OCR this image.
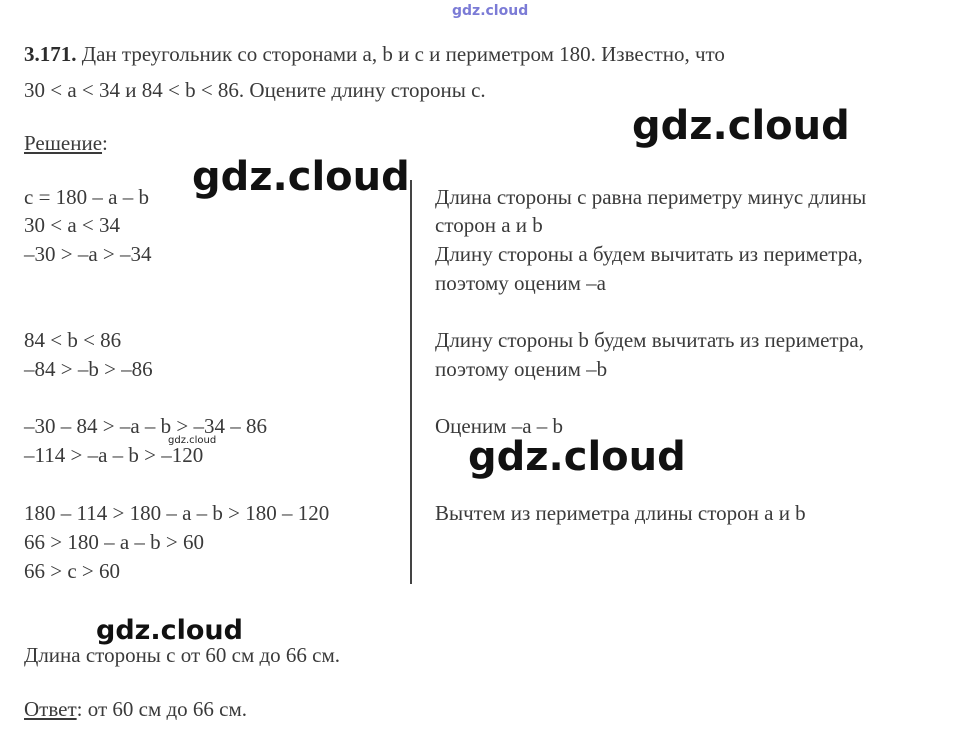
gdz.cloud
3.171. Дан треугольник со сторонами a, b и c и периметром 180. Известно, что
30 < a < 34 и 84 < b < 86. Оцените длину стороны c.
Решение:
c = 180 – a – b
30 < a < 34
–30 > –a > –34
84 < b < 86
–84 > –b > –86
–30 – 84 > –a – b > –34 – 86
–114 > –a – b > –120
180 – 114 > 180 – a – b > 180 – 120
66 > 180 – a – b > 60
66 > c > 60
Длина стороны с равна периметру минус длины
сторон a и b
Длину стороны а будем вычитать из периметра,
поэтому оценим –a
Длину стороны b будем вычитать из периметра,
поэтому оценим –b
Оценим –a – b
Вычтем из периметра длины сторон a и b
Длина стороны с от 60 см до 66 см.
Ответ: от 60 см до 66 см.
gdz.cloud
gdz.cloud
gdz.cloud
gdz.cloud
gdz.cloud
